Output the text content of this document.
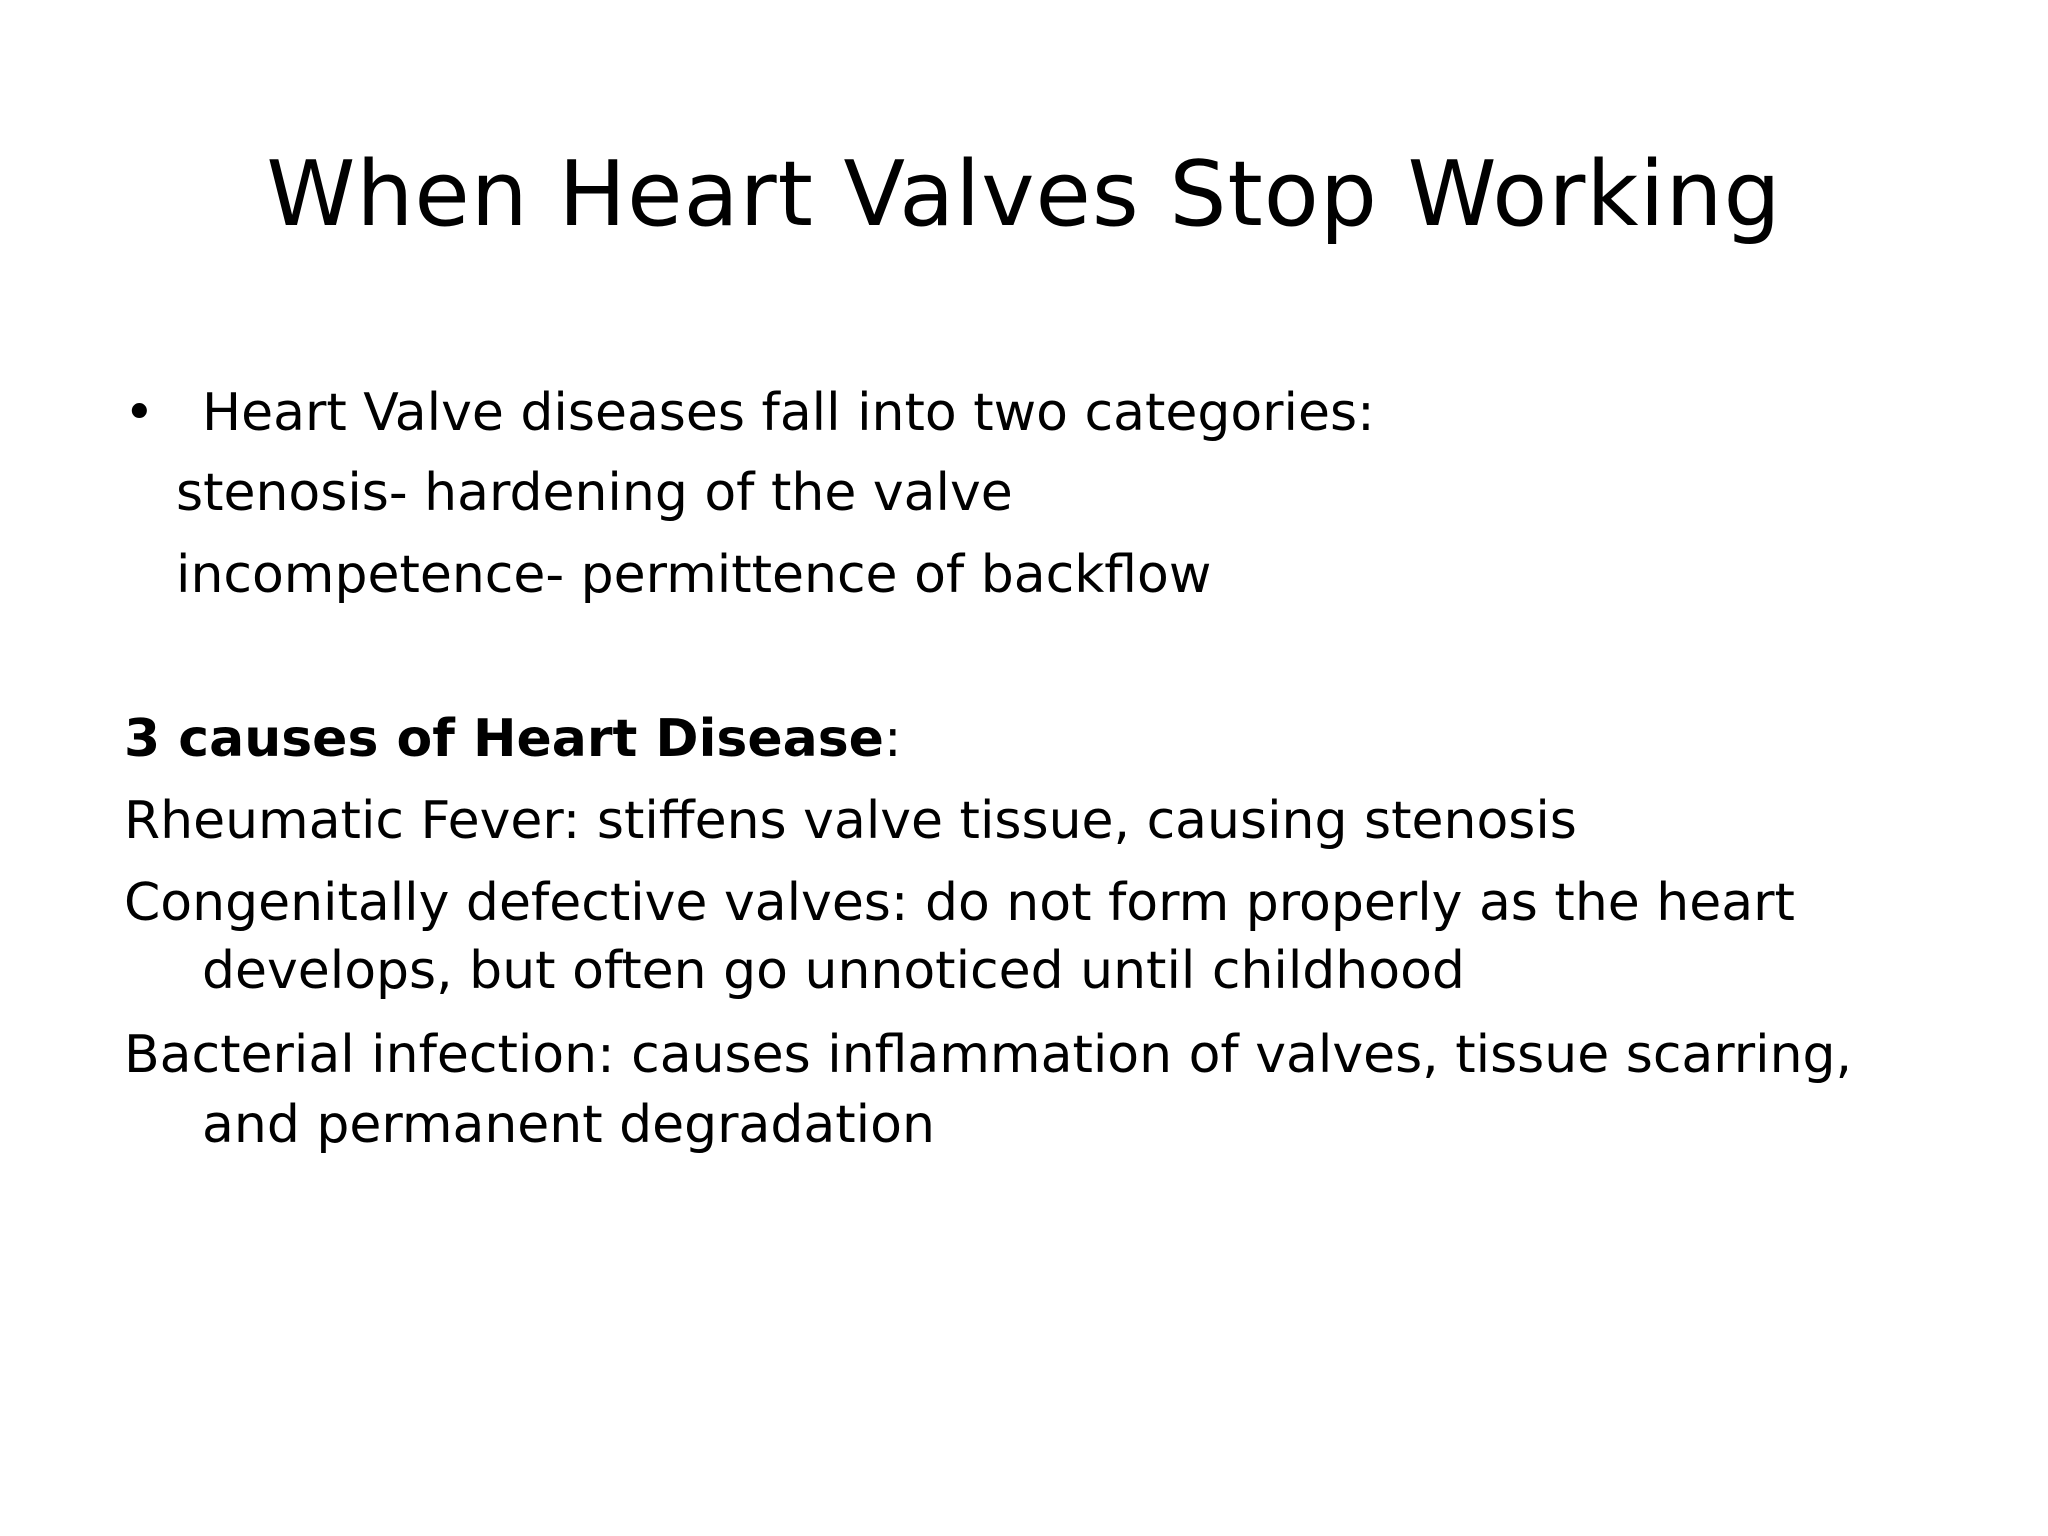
When Heart Valves Stop Working
• Heart Valve diseases fall into two categories:
stenosis- hardening of the valve
incompetence- permittence of backflow
3 causes of Heart Disease:
Rheumatic Fever: stiffens valve tissue, causing stenosis
Congenitally defective valves: do not form properly as the heart
develops, but often go unnoticed until childhood
Bacterial infection: causes inflammation of valves, tissue scarring,
and permanent degradation
